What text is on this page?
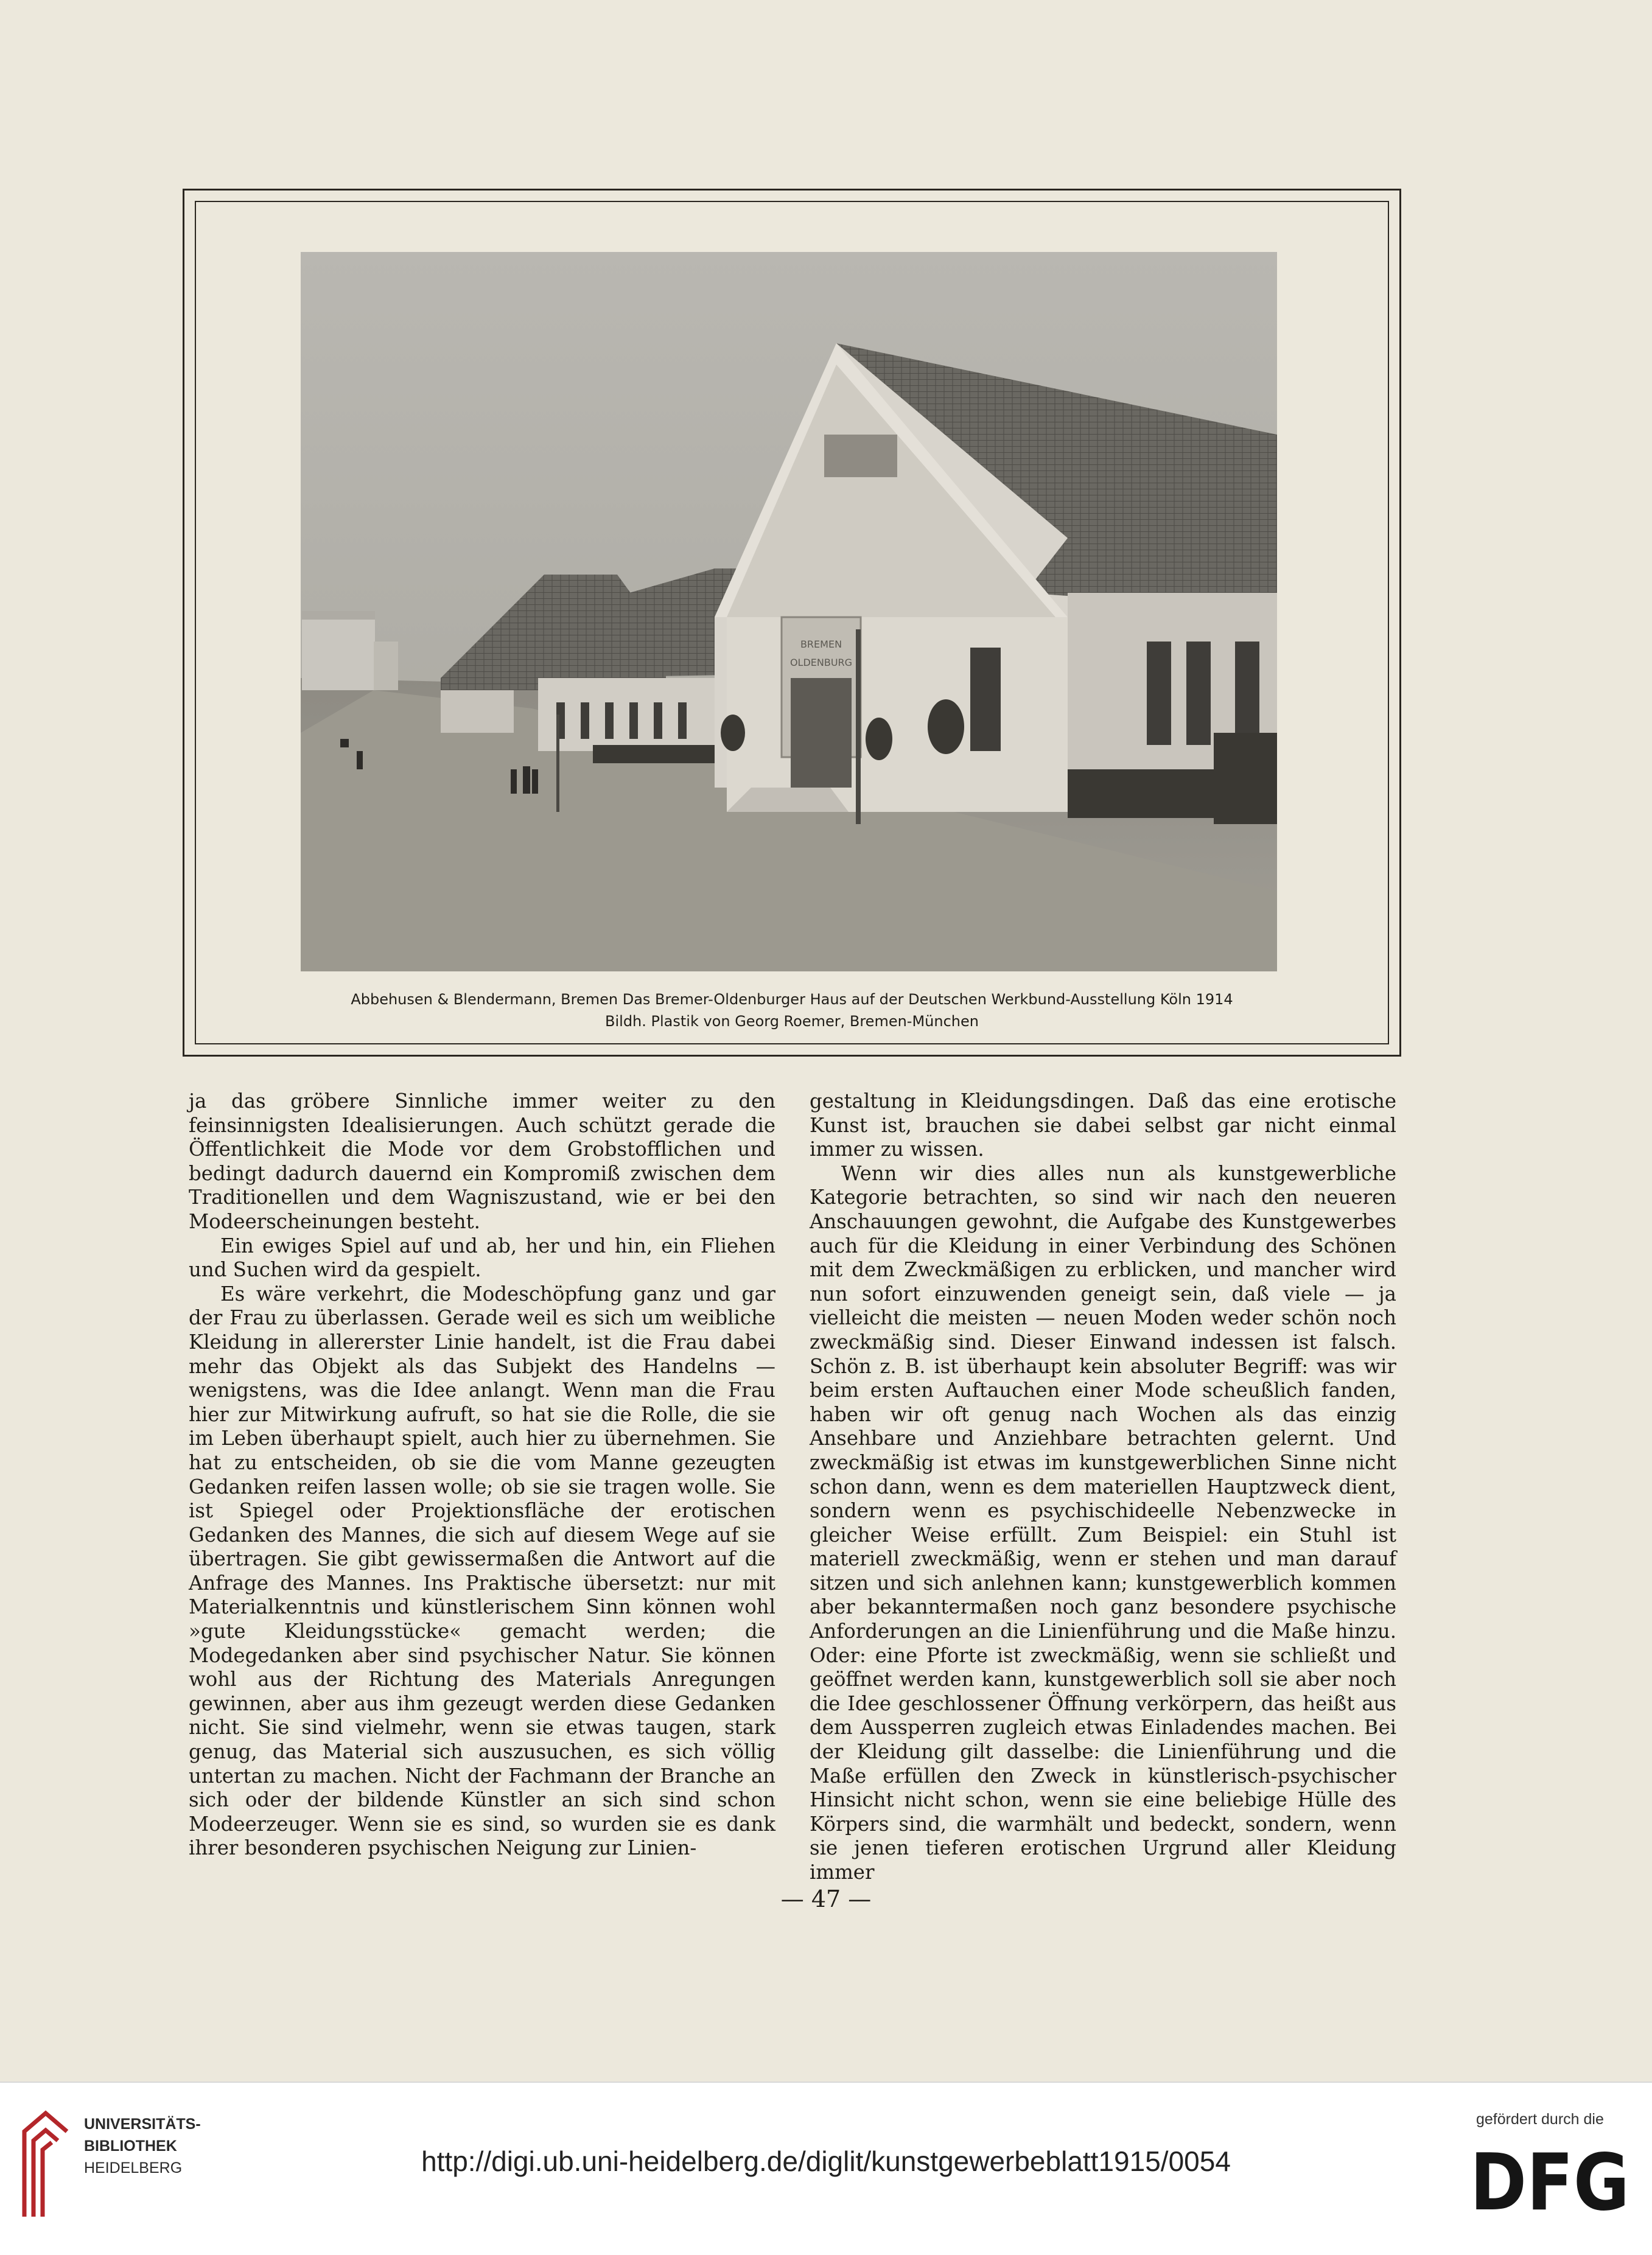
BREMEN
OLDENBURG
Abbehusen & Blendermann, Bremen Das Bremer-Oldenburger Haus auf der Deutschen Werkbund-Ausstellung Köln 1914
Bildh. Plastik von Georg Roemer, Bremen-München

ja das gröbere Sinnliche immer weiter zu den feinsinnigsten Idealisierungen. Auch schützt gerade die Öffentlichkeit die Mode vor dem Grobstofflichen und bedingt dadurch dauernd ein Kompromiß zwischen dem Traditionellen und dem Wagniszustand, wie er bei den Modeerscheinungen besteht.

Ein ewiges Spiel auf und ab, her und hin, ein Fliehen und Suchen wird da gespielt.

Es wäre verkehrt, die Modeschöpfung ganz und gar der Frau zu überlassen. Gerade weil es sich um weibliche Kleidung in allererster Linie handelt, ist die Frau dabei mehr das Objekt als das Subjekt des Handelns — wenigstens, was die Idee anlangt. Wenn man die Frau hier zur Mitwirkung aufruft, so hat sie die Rolle, die sie im Leben überhaupt spielt, auch hier zu übernehmen. Sie hat zu entscheiden, ob sie die vom Manne gezeugten Gedanken reifen lassen wolle; ob sie sie tragen wolle. Sie ist Spiegel oder Projektionsfläche der erotischen Gedanken des Mannes, die sich auf diesem Wege auf sie übertragen. Sie gibt gewissermaßen die Antwort auf die Anfrage des Mannes. Ins Praktische übersetzt: nur mit Materialkenntnis und künstlerischem Sinn können wohl »gute Kleidungsstücke« gemacht werden; die Modegedanken aber sind psychischer Natur. Sie können wohl aus der Richtung des Materials Anregungen gewinnen, aber aus ihm gezeugt werden diese Gedanken nicht. Sie sind vielmehr, wenn sie etwas taugen, stark genug, das Material sich auszusuchen, es sich völlig untertan zu machen. Nicht der Fachmann der Branche an sich oder der bildende Künstler an sich sind schon Modeerzeuger. Wenn sie es sind, so wurden sie es dank ihrer besonderen psychischen Neigung zur Linien-

gestaltung in Kleidungsdingen. Daß das eine erotische Kunst ist, brauchen sie dabei selbst gar nicht einmal immer zu wissen.

Wenn wir dies alles nun als kunstgewerbliche Kategorie betrachten, so sind wir nach den neueren Anschauungen gewohnt, die Aufgabe des Kunstgewerbes auch für die Kleidung in einer Verbindung des Schönen mit dem Zweckmäßigen zu erblicken, und mancher wird nun sofort einzuwenden geneigt sein, daß viele — ja vielleicht die meisten — neuen Moden weder schön noch zweckmäßig sind. Dieser Einwand indessen ist falsch. Schön z. B. ist überhaupt kein absoluter Begriff: was wir beim ersten Auftauchen einer Mode scheußlich fanden, haben wir oft genug nach Wochen als das einzig Ansehbare und Anziehbare betrachten gelernt. Und zweckmäßig ist etwas im kunstgewerblichen Sinne nicht schon dann, wenn es dem materiellen Hauptzweck dient, sondern wenn es psychischideelle Nebenzwecke in gleicher Weise erfüllt. Zum Beispiel: ein Stuhl ist materiell zweckmäßig, wenn er stehen und man darauf sitzen und sich anlehnen kann; kunstgewerblich kommen aber bekanntermaßen noch ganz besondere psychische Anforderungen an die Linienführung und die Maße hinzu. Oder: eine Pforte ist zweckmäßig, wenn sie schließt und geöffnet werden kann, kunstgewerblich soll sie aber noch die Idee geschlossener Öffnung verkörpern, das heißt aus dem Aussperren zugleich etwas Einladendes machen. Bei der Kleidung gilt dasselbe: die Linienführung und die Maße erfüllen den Zweck in künstlerisch-psychischer Hinsicht nicht schon, wenn sie eine beliebige Hülle des Körpers sind, die warmhält und bedeckt, sondern, wenn sie jenen tieferen erotischen Urgrund aller Kleidung immer

— 47 —
UNIVERSITÄTS-
BIBLIOTHEK
HEIDELBERG	http://digi.ub.uni-heidelberg.de/diglit/kunstgewerbeblatt1915/0054
gefördert durch die
DFG
